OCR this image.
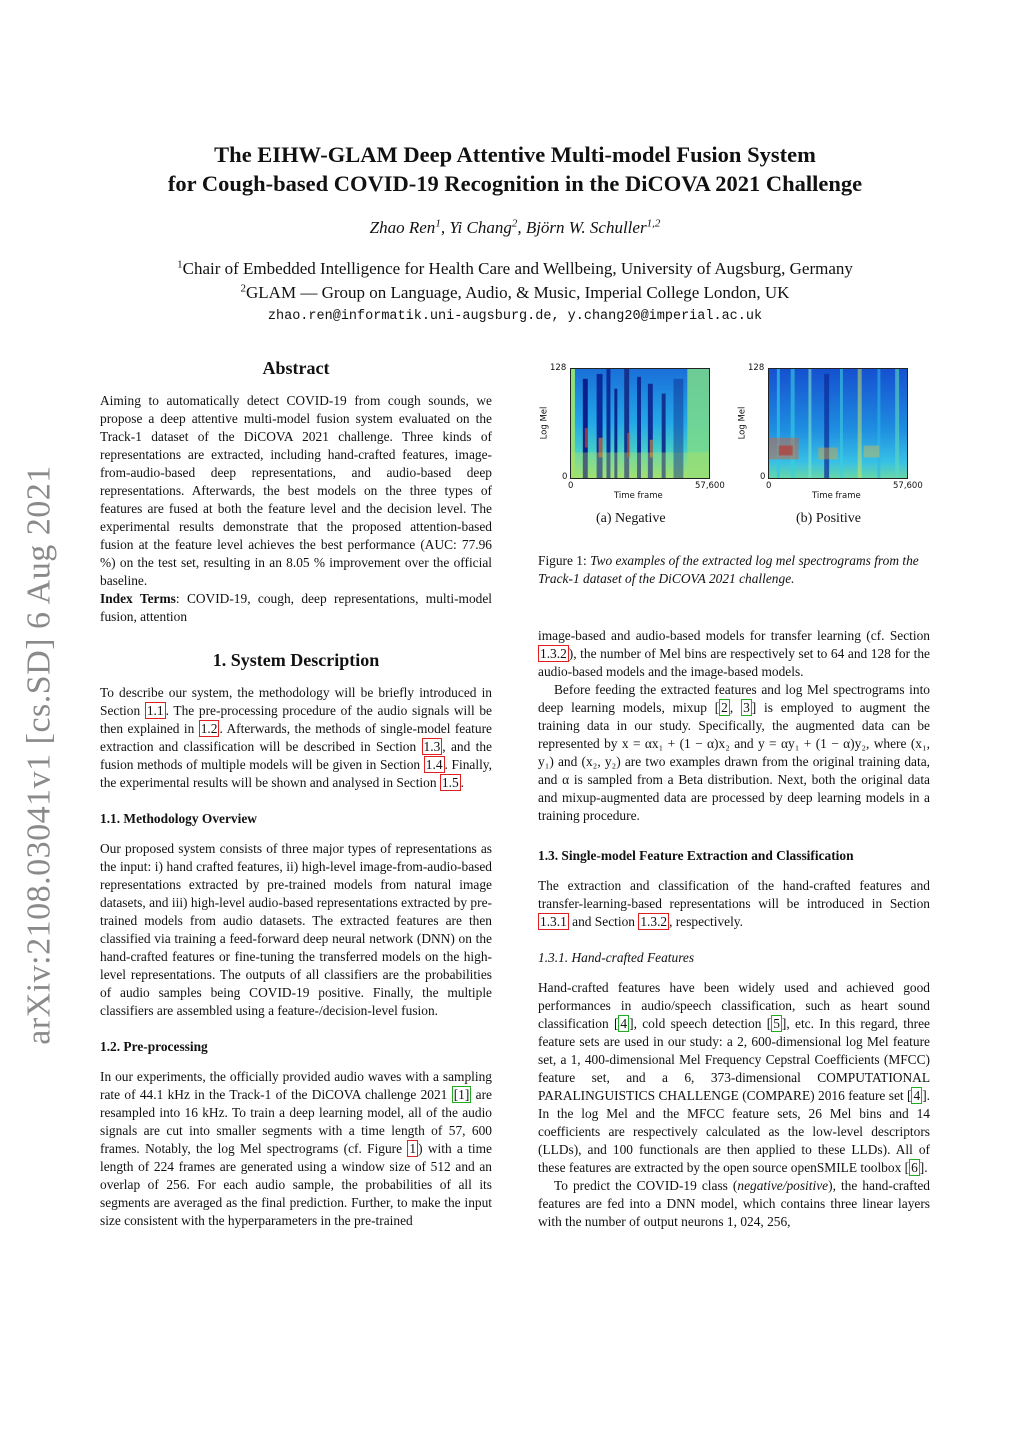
arXiv:2108.03041v1 [cs.SD] 6 Aug 2021
The EIHW-GLAM Deep Attentive Multi-model Fusion System
for Cough-based COVID-19 Recognition in the DiCOVA 2021 Challenge
Zhao Ren$^1$, Yi Chang$^2$, Björn W. Schuller$^{1,2}$
$^1$Chair of Embedded Intelligence for Health Care and Wellbeing, University of Augsburg, Germany
$^2$GLAM — Group on Language, Audio, & Music, Imperial College London, UK
zhao.ren@informatik.uni-augsburg.de, y.chang20@imperial.ac.uk
Abstract

Aiming to automatically detect COVID-19 from cough sounds, we propose a deep attentive multi-model fusion system evaluated on the Track-1 dataset of the DiCOVA 2021 challenge. Three kinds of representations are extracted, including hand-crafted features, image-from-audio-based deep representations, and audio-based deep representations. Afterwards, the best models on the three types of features are fused at both the feature level and the decision level. The experimental results demonstrate that the proposed attention-based fusion at the feature level achieves the best performance (AUC: 77.96 %) on the test set, resulting in an 8.05 % improvement over the official baseline.

Index Terms: COVID-19, cough, deep representations, multi-model fusion, attention

1. System Description

To describe our system, the methodology will be briefly introduced in Section 1.1 . The pre-processing procedure of the audio signals will be then explained in 1.2 . Afterwards, the methods of single-model feature extraction and classification will be described in Section 1.3 , and the fusion methods of multiple models will be given in Section 1.4 . Finally, the experimental results will be shown and analysed in Section 1.5 .

1.1. Methodology Overview

Our proposed system consists of three major types of representations as the input: i) hand crafted features, ii) high-level image-from-audio-based representations extracted by pre-trained models from natural image datasets, and iii) high-level audio-based representations extracted by pre-trained models from audio datasets. The extracted features are then classified via training a feed-forward deep neural network (DNN) on the hand-crafted features or fine-tuning the transferred models on the high-level representations. The outputs of all classifiers are the probabilities of audio samples being COVID-19 positive. Finally, the multiple classifiers are assembled using a feature-/decision-level fusion.

1.2. Pre-processing

In our experiments, the officially provided audio waves with a sampling rate of 44.1 kHz in the Track-1 of the DiCOVA challenge 2021 [1] are resampled into 16 kHz. To train a deep learning model, all of the audio signals are cut into smaller segments with a time length of 57, 600 frames. Notably, the log Mel spectrograms (cf. Figure 1 ) with a time length of 224 frames are generated using a window size of 512 and an overlap of 256. For each audio sample, the probabilities of all its segments are averaged as the final prediction. Further, to make the input size consistent with the hyperparameters in the pre-trained

Log Mel
128
0
0	57,600
Time frame
Log Mel
128
0
0	57,600
Time frame
(a) Negative	(b) Positive
Figure 1: Two examples of the extracted log mel spectrograms from the Track-1 dataset of the DiCOVA 2021 challenge.

image-based and audio-based models for transfer learning (cf. Section 1.3.2 ), the number of Mel bins are respectively set to 64 and 128 for the audio-based models and the image-based models.

Before feeding the extracted features and log Mel spectrograms into deep learning models, mixup [ 2 , 3 ] is employed to augment the training data in our study. Specifically, the augmented data can be represented by x = αx₁ + (1 − α)x₂ and y = αy₁ + (1 − α)y₂, where (x₁, y₁) and (x₂, y₂) are two examples drawn from the original training data, and α is sampled from a Beta distribution. Next, both the original data and mixup-augmented data are processed by deep learning models in a training procedure.

1.3. Single-model Feature Extraction and Classification

The extraction and classification of the hand-crafted features and transfer-learning-based representations will be introduced in Section 1.3.1 and Section 1.3.2 , respectively.

1.3.1. Hand-crafted Features

Hand-crafted features have been widely used and achieved good performances in audio/speech classification, such as heart sound classification [ 4 ], cold speech detection [ 5 ], etc. In this regard, three feature sets are used in our study: a 2, 600-dimensional log Mel feature set, a 1, 400-dimensional Mel Frequency Cepstral Coefficients (MFCC) feature set, and a 6, 373-dimensional COMPUTATIONAL PARALINGUISTICS CHALLENGE (COMPARE) 2016 feature set [ 4 ]. In the log Mel and the MFCC feature sets, 26 Mel bins and 14 coefficients are respectively calculated as the low-level descriptors (LLDs), and 100 functionals are then applied to these LLDs). All of these features are extracted by the open source openSMILE toolbox [ 6 ].

To predict the COVID-19 class (negative/positive), the hand-crafted features are fed into a DNN model, which contains three linear layers with the number of output neurons 1, 024, 256,
